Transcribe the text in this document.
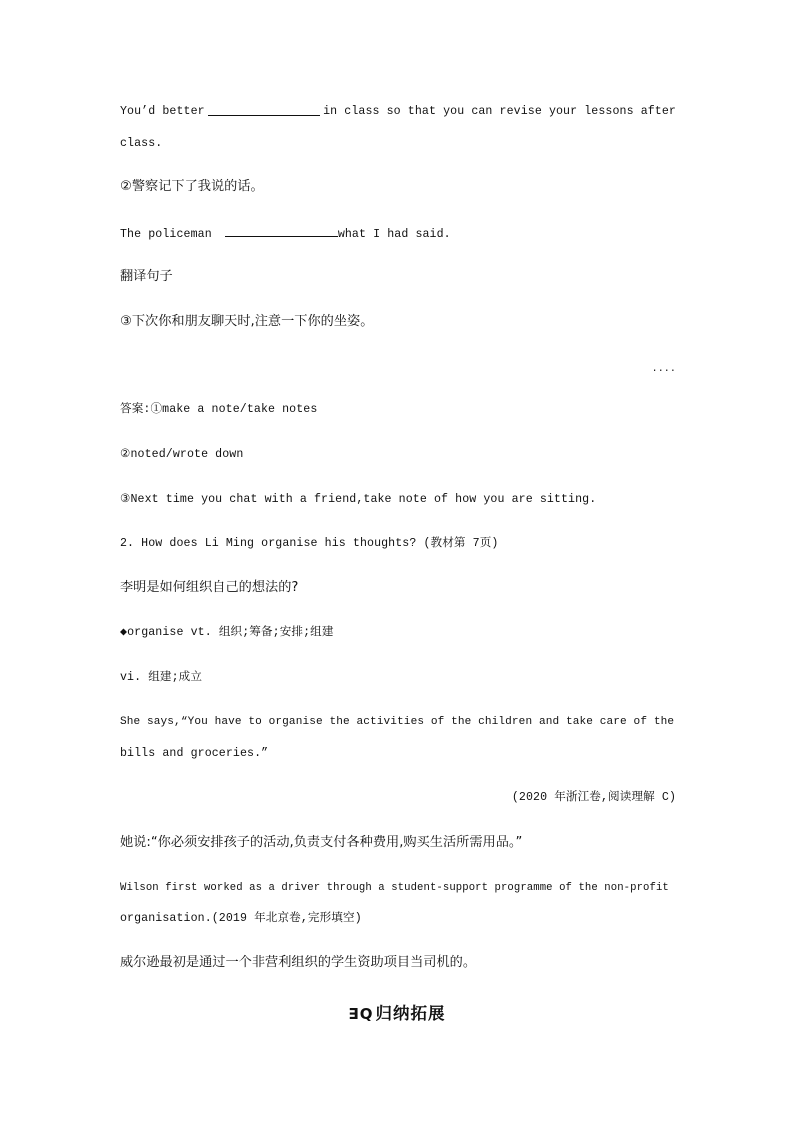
You’d better	in class so that you can revise your lessons after
class.
②警察记下了我说的话。
The policeman	what I had said.
翻译句子
③下次你和朋友聊天时,注意一下你的坐姿。
....
答案:①make a note/take notes
②noted/wrote down
③Next time you chat with a friend,take note of how you are sitting.
2. How does Li Ming organise his thoughts? (教材第 7页)
李明是如何组织自己的想法的?
◆organise vt. 组织;筹备;安排;组建
vi. 组建;成立
She says,“You have to organise the activities of the children and take care of the
bills and groceries.”
(2020 年浙江卷,阅读理解 C)
她说:“你必须安排孩子的活动,负责支付各种费用,购买生活所需用品。”
Wilson first worked as a driver through a student-support programme of the non-profit
organisation.(2019 年北京卷,完形填空)
威尔逊最初是通过一个非营利组织的学生资助项目当司机的。
∃Q 归纳拓展
